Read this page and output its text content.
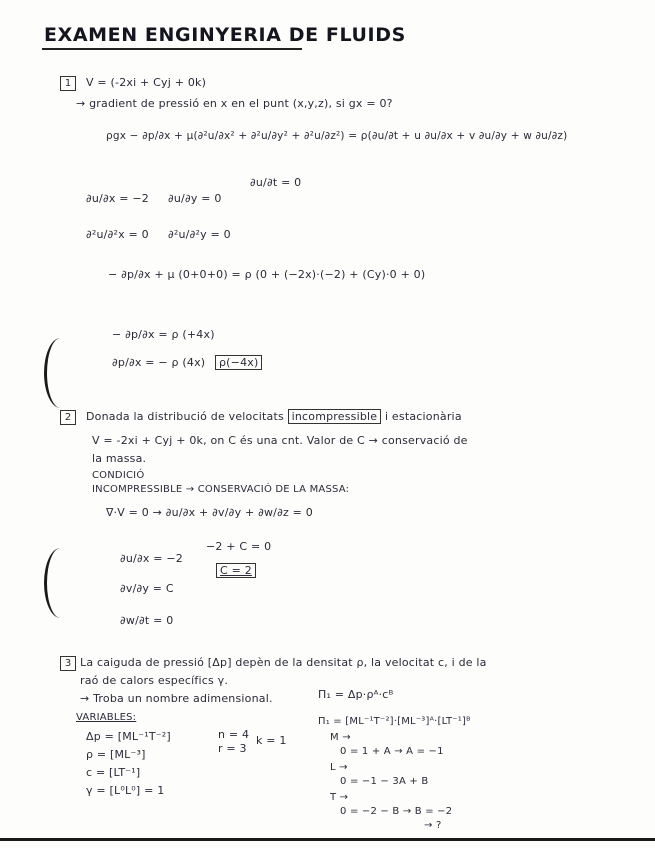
EXAMEN ENGINYERIA DE FLUIDS
1	V = (-2xi + Cyj + 0k)
→ gradient de pressió en x en el punt (x,y,z), si gx = 0?
ρgx − ∂p/∂x + μ(∂²u/∂x² + ∂²u/∂y² + ∂²u/∂z²) = ρ(∂u/∂t + u ∂u/∂x + v ∂u/∂y + w ∂u/∂z)
∂u/∂x = −2 ∂u/∂y = 0
∂u/∂t = 0
∂²u/∂²x = 0 ∂²u/∂²y = 0
− ∂p/∂x + μ (0+0+0) = ρ (0 + (−2x)·(−2) + (Cy)·0 + 0)
− ∂p/∂x = ρ (+4x)
∂p/∂x = − ρ (4x) ρ(−4x)
2	Donada la distribució de velocitats incompressible i estacionària
V = -2xi + Cyj + 0k, on C és una cnt. Valor de C → conservació de
la massa.
CONDICIÓ
INCOMPRESSIBLE → CONSERVACIÓ DE LA MASSA:
∇·V = 0 → ∂u/∂x + ∂v/∂y + ∂w/∂z = 0
∂u/∂x = −2
−2 + C = 0
C = 2
∂v/∂y = C
∂w/∂t = 0
3 La caiguda de pressió [Δp] depèn de la densitat ρ, la velocitat c, i de la
raó de calors específics γ.
→ Troba un nombre adimensional.
VARIABLES:
Δp = [ML⁻¹T⁻²]
ρ = [ML⁻³]
c = [LT⁻¹]
γ = [L⁰L⁰] = 1
n = 4
r = 3
k = 1
Π₁ = Δp·ρᴬ·cᴮ
Π₁ = [ML⁻¹T⁻²]·[ML⁻³]ᴬ·[LT⁻¹]ᴮ
M →
0 = 1 + A → A = −1
L →
0 = −1 − 3A + B
T →
0 = −2 − B → B = −2
→ ?
